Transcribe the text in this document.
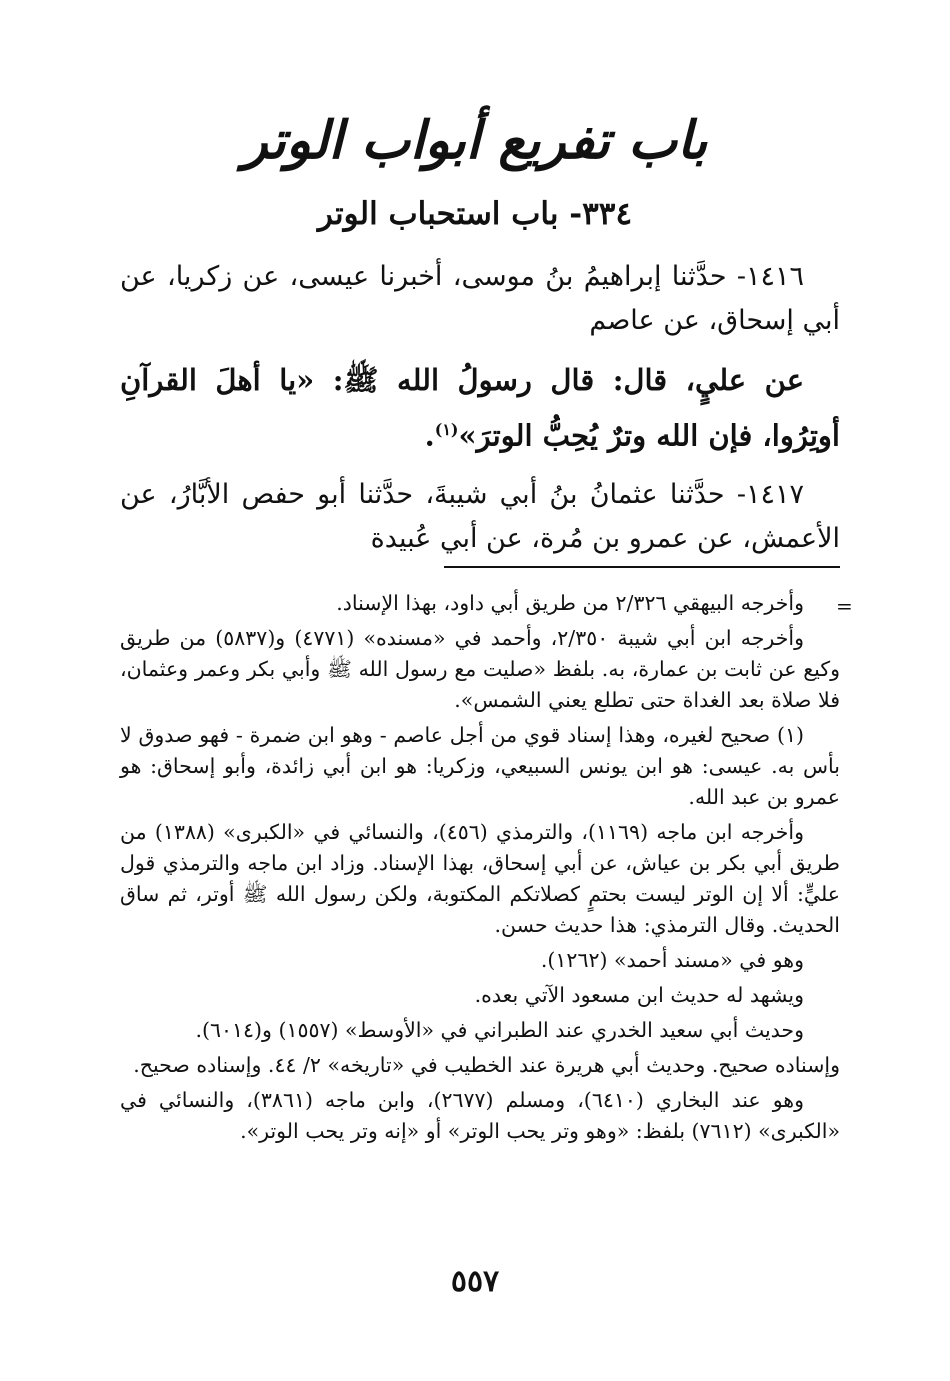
باب تفريع أبواب الوتر
٣٣٤- باب استحباب الوتر

١٤١٦- حدَّثنا إبراهيمُ بنُ موسى، أخبرنا عيسى، عن زكريا، عن أبي إسحاق، عن عاصم

عن عليٍ، قال: قال رسولُ الله ﷺ: «يا أهلَ القرآنِ أوتِرُوا، فإن الله وترٌ يُحِبُّ الوترَ»$^{(١)}$.

١٤١٧- حدَّثنا عثمانُ بنُ أبي شيبةَ، حدَّثنا أبو حفص الأبَّارُ، عن الأعمش، عن عمرو بن مُرة، عن أبي عُبيدة

=

وأخرجه البيهقي ٢/٣٢٦ من طريق أبي داود، بهذا الإسناد.

وأخرجه ابن أبي شيبة ٢/٣٥٠، وأحمد في «مسنده» (٤٧٧١) و(٥٨٣٧) من طريق وكيع عن ثابت بن عمارة، به. بلفظ «صليت مع رسول الله ﷺ وأبي بكر وعمر وعثمان، فلا صلاة بعد الغداة حتى تطلع يعني الشمس».

(١) صحيح لغيره، وهذا إسناد قوي من أجل عاصم - وهو ابن ضمرة - فهو صدوق لا بأس به. عيسى: هو ابن يونس السبيعي، وزكريا: هو ابن أبي زائدة، وأبو إسحاق: هو عمرو بن عبد الله.

وأخرجه ابن ماجه (١١٦٩)، والترمذي (٤٥٦)، والنسائي في «الكبرى» (١٣٨٨) من طريق أبي بكر بن عياش، عن أبي إسحاق، بهذا الإسناد. وزاد ابن ماجه والترمذي قول عليٍّ: ألا إن الوتر ليست بحتمٍ كصلاتكم المكتوبة، ولكن رسول الله ﷺ أوتر، ثم ساق الحديث. وقال الترمذي: هذا حديث حسن.

وهو في «مسند أحمد» (١٢٦٢).

ويشهد له حديث ابن مسعود الآتي بعده.

وحديث أبي سعيد الخدري عند الطبراني في «الأوسط» (١٥٥٧) و(٦٠١٤).

وإسناده صحيح. وحديث أبي هريرة عند الخطيب في «تاريخه» ٢/ ٤٤. وإسناده صحيح.

وهو عند البخاري (٦٤١٠)، ومسلم (٢٦٧٧)، وابن ماجه (٣٨٦١)، والنسائي في «الكبرى» (٧٦١٢) بلفظ: «وهو وتر يحب الوتر» أو «إنه وتر يحب الوتر».

٥٥٧
